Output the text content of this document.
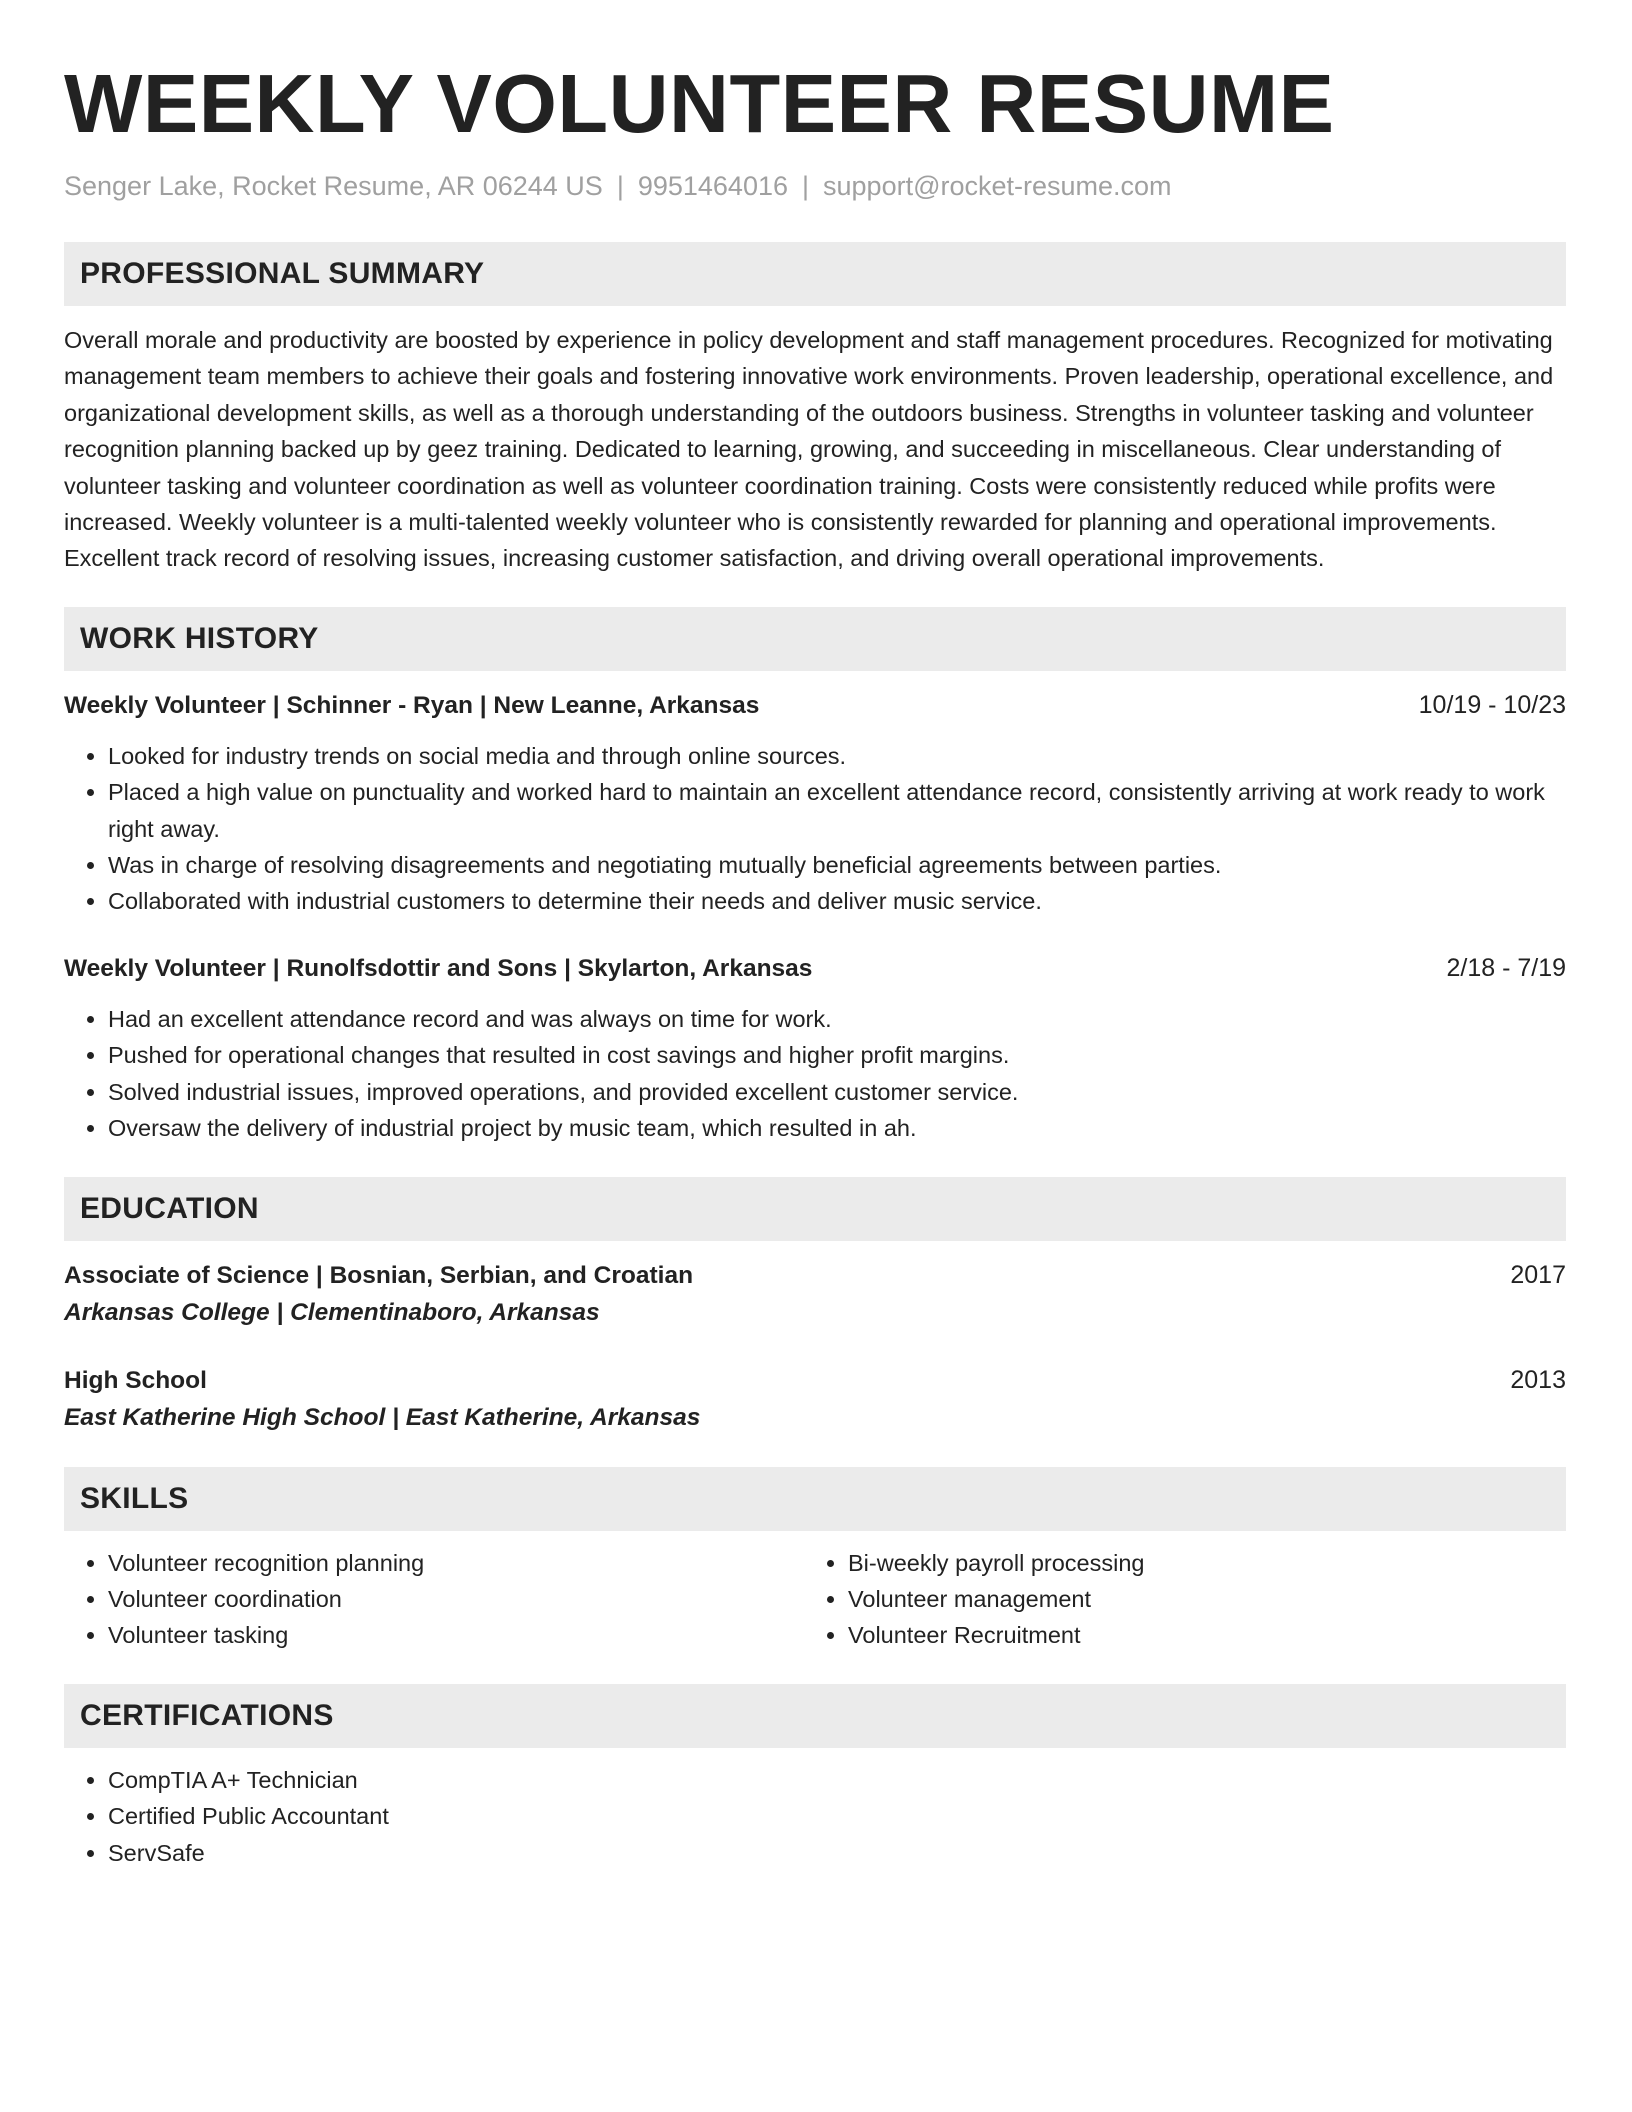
WEEKLY VOLUNTEER RESUME
Senger Lake, Rocket Resume, AR 06244 US | 9951464016 | support@rocket-resume.com
PROFESSIONAL SUMMARY
Overall morale and productivity are boosted by experience in policy development and staff management procedures. Recognized for motivating management team members to achieve their goals and fostering innovative work environments. Proven leadership, operational excellence, and organizational development skills, as well as a thorough understanding of the outdoors business. Strengths in volunteer tasking and volunteer recognition planning backed up by geez training. Dedicated to learning, growing, and succeeding in miscellaneous. Clear understanding of volunteer tasking and volunteer coordination as well as volunteer coordination training. Costs were consistently reduced while profits were increased. Weekly volunteer is a multi-talented weekly volunteer who is consistently rewarded for planning and operational improvements. Excellent track record of resolving issues, increasing customer satisfaction, and driving overall operational improvements.
WORK HISTORY
Weekly Volunteer | Schinner - Ryan | New Leanne, Arkansas	10/19 - 10/23
• Looked for industry trends on social media and through online sources.
• Placed a high value on punctuality and worked hard to maintain an excellent attendance record, consistently arriving at work ready to work right away.
• Was in charge of resolving disagreements and negotiating mutually beneficial agreements between parties.
• Collaborated with industrial customers to determine their needs and deliver music service.
Weekly Volunteer | Runolfsdottir and Sons | Skylarton, Arkansas	2/18 - 7/19
• Had an excellent attendance record and was always on time for work.
• Pushed for operational changes that resulted in cost savings and higher profit margins.
• Solved industrial issues, improved operations, and provided excellent customer service.
• Oversaw the delivery of industrial project by music team, which resulted in ah.
EDUCATION
Associate of Science | Bosnian, Serbian, and Croatian	2017
Arkansas College | Clementinaboro, Arkansas
High School	2013
East Katherine High School | East Katherine, Arkansas
SKILLS
• Volunteer recognition planning
• Volunteer coordination
• Volunteer tasking
• Bi-weekly payroll processing
• Volunteer management
• Volunteer Recruitment
CERTIFICATIONS
• CompTIA A+ Technician
• Certified Public Accountant
• ServSafe
